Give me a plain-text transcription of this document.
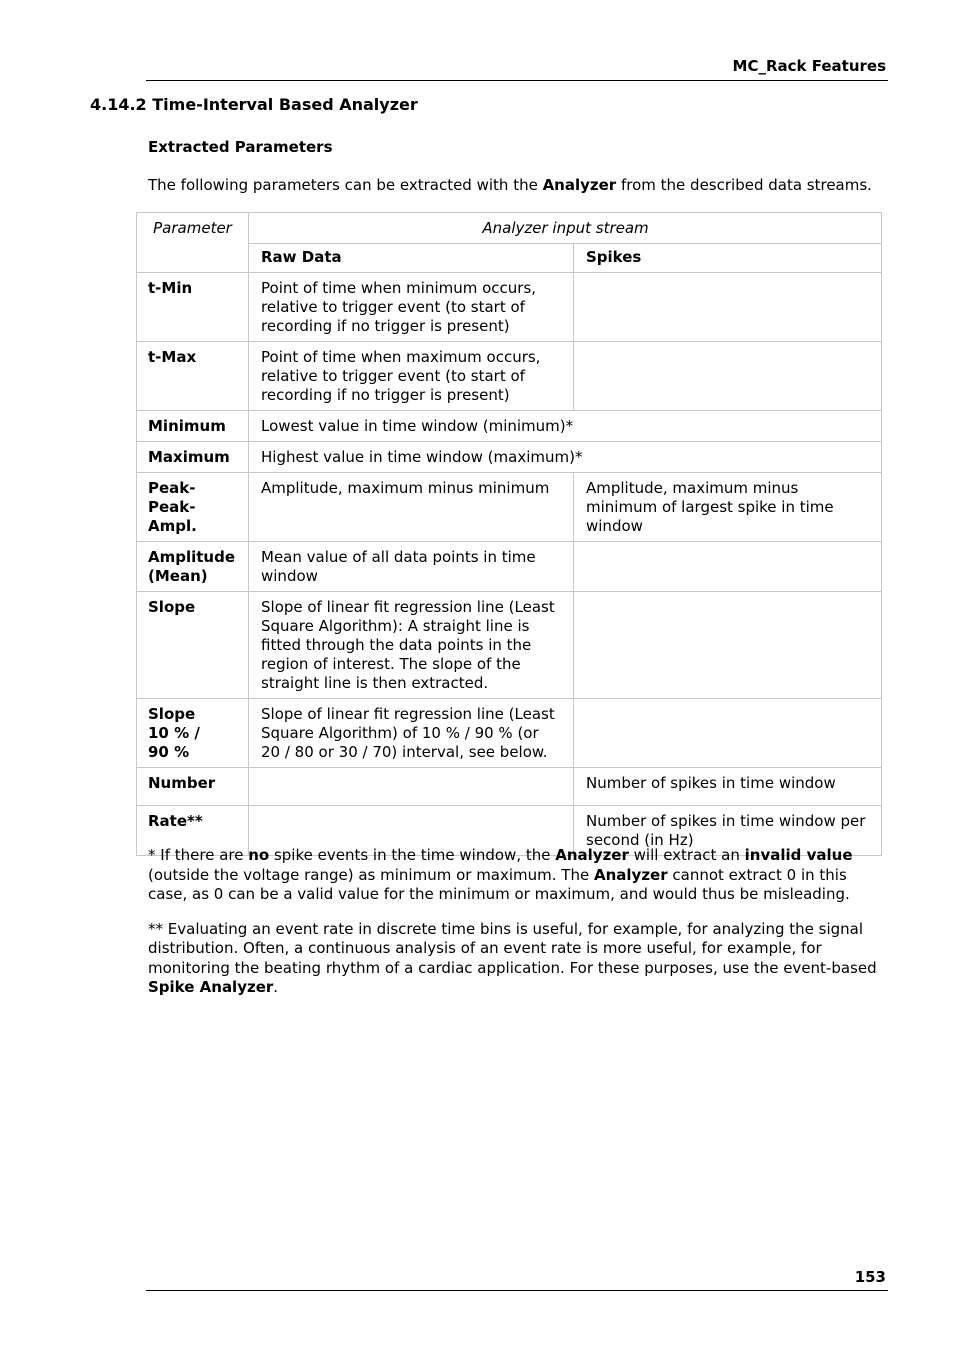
MC_Rack Features
4.14.2 Time-Interval Based Analyzer
Extracted Parameters
The following parameters can be extracted with the Analyzer from the described data streams.
Parameter	Analyzer input stream	
	Raw Data	Spikes
t-Min	Point of time when minimum occurs, relative to trigger event (to start of recording if no trigger is present)	
t-Max	Point of time when maximum occurs, relative to trigger event (to start of recording if no trigger is present)	
Minimum	Lowest value in time window (minimum)*	
Maximum	Highest value in time window (maximum)*	

Peak-
Peak-
Ampl.	Amplitude, maximum minus minimum	Amplitude, maximum minus minimum of largest spike in time window

Amplitude
(Mean)	Mean value of all data points in time window	
Slope	Slope of linear fit regression line (Least Square Algorithm): A straight line is fitted through the data points in the region of interest. The slope of the straight line is then extracted.	

Slope
10 % /
90 %	Slope of linear fit regression line (Least Square Algorithm) of 10 % / 90 % (or 20 / 80 or 30 / 70) interval, see below.	
Number		Number of spikes in time window
Rate**		Number of spikes in time window per second (in Hz)

* If there are no spike events in the time window, the Analyzer will extract an invalid value (outside the voltage range) as minimum or maximum. The Analyzer cannot extract 0 in this case, as 0 can be a valid value for the minimum or maximum, and would thus be misleading.

** Evaluating an event rate in discrete time bins is useful, for example, for analyzing the signal distribution. Often, a continuous analysis of an event rate is more useful, for example, for monitoring the beating rhythm of a cardiac application. For these purposes, use the event-based Spike Analyzer.

153
